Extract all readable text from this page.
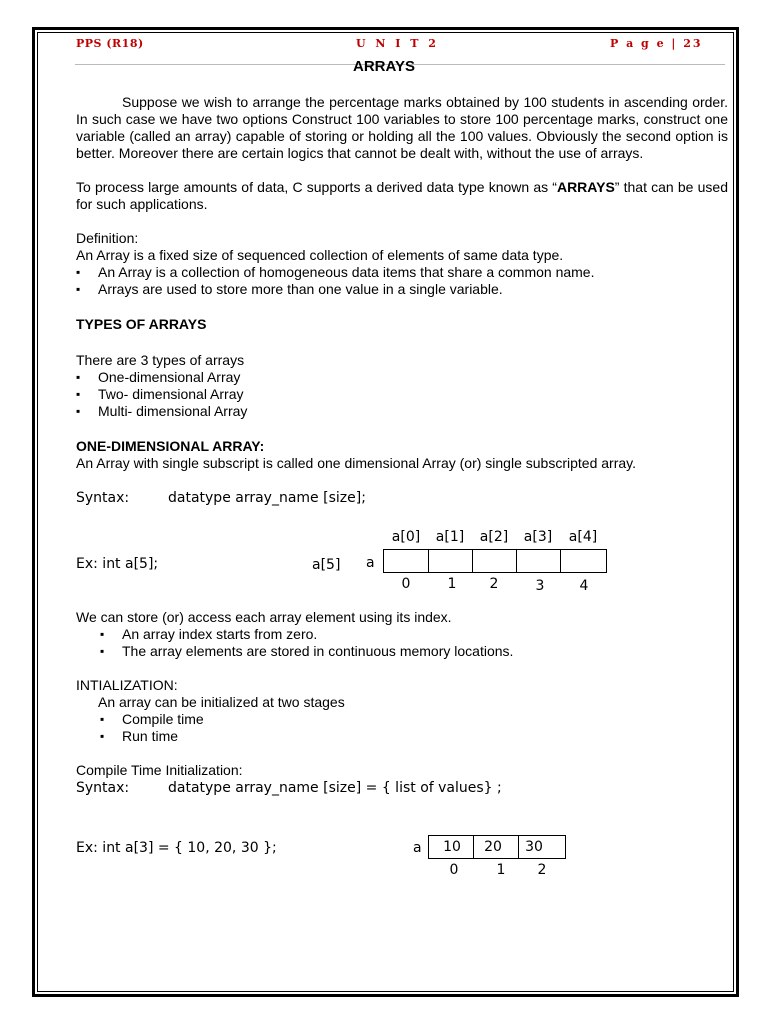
PPS (R18)	U N I T 2	P a g e | 23
ARRAYS

Suppose we wish to arrange the percentage marks obtained by 100 students in ascending order. In such case we have two options Construct 100 variables to store 100 percentage marks, construct one variable (called an array) capable of storing or holding all the 100 values. Obviously the second option is better. Moreover there are certain logics that cannot be dealt with, without the use of arrays.

To process large amounts of data, C supports a derived data type known as “ARRAYS” that can be used for such applications.

Definition:

An Array is a fixed size of sequenced collection of elements of same data type.

▪ An Array is a collection of homogeneous data items that share a common name.
▪ Arrays are used to store more than one value in a single variable.

TYPES OF ARRAYS

There are 3 types of arrays

▪ One-dimensional Array
▪ Two- dimensional Array
▪ Multi- dimensional Array

ONE-DIMENSIONAL ARRAY:

An Array with single subscript is called one dimensional Array (or) single subscripted array.

Syntax:	datatype array_name [size];
Ex: int a[5];	a[5] a
a[0]	a[1]	a[2]	a[3]	a[4]
0	1	2	3	4

We can store (or) access each array element using its index.

▪ An array index starts from zero.
▪ The array elements are stored in continuous memory locations.

INTIALIZATION:

An array can be initialized at two stages

▪ Compile time
▪ Run time

Compile Time Initialization:

Syntax:	datatype array_name [size] = { list of values} ;
Ex: int a[3] = { 10, 20, 30 };	a	10	20	30
0	1	2
